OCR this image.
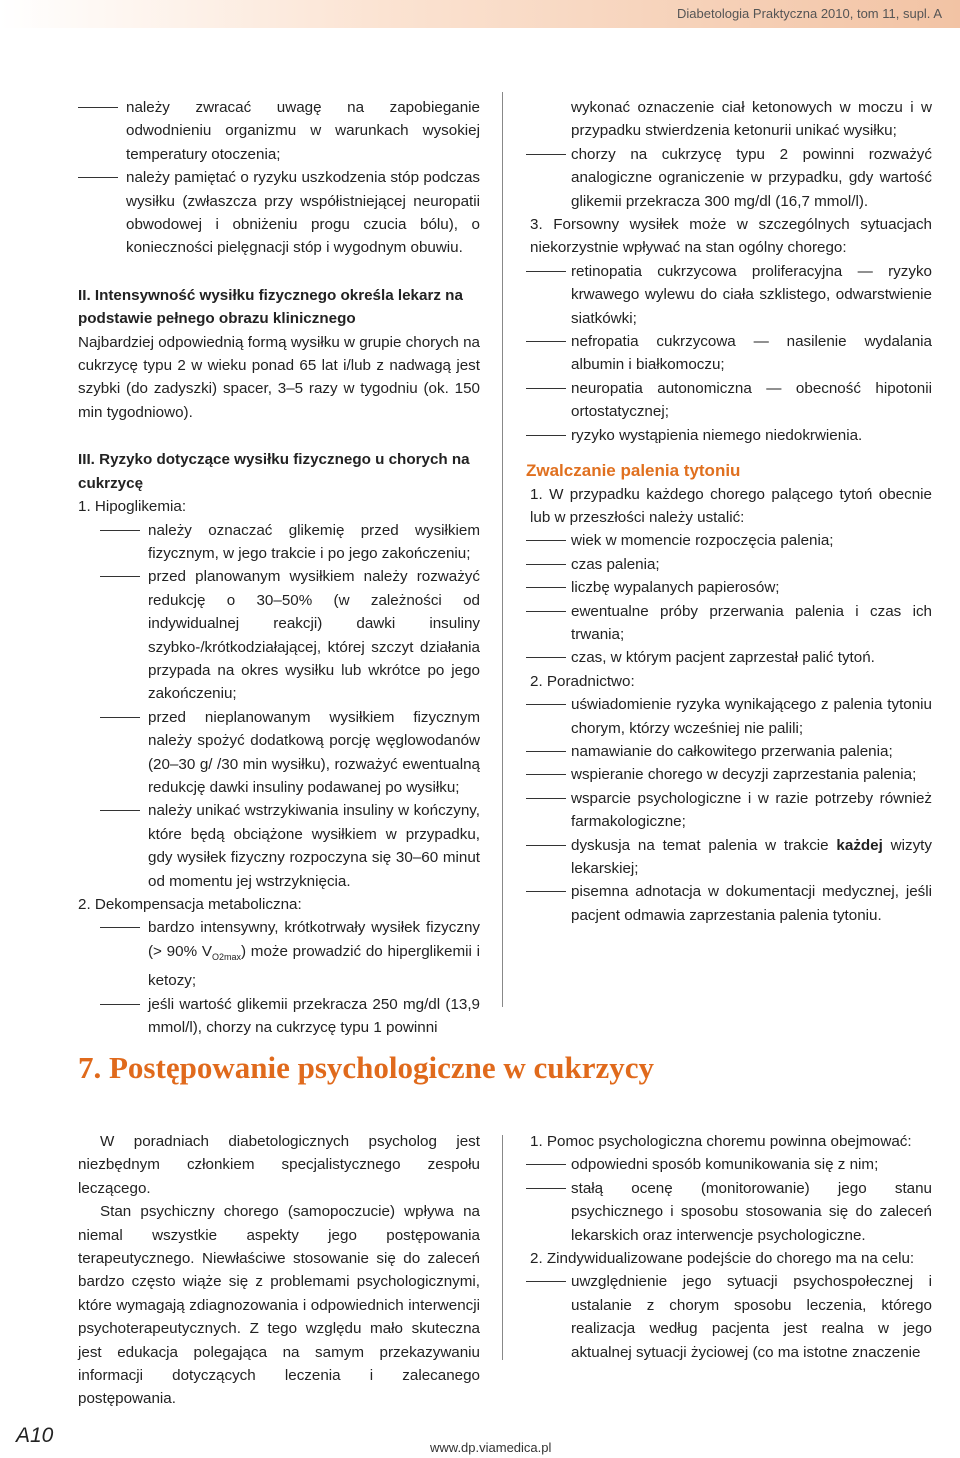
Diabetologia Praktyczna 2010, tom 11, supl. A

należy zwracać uwagę na zapobieganie odwodnieniu organizmu w warunkach wysokiej temperatury otoczenia;

należy pamiętać o ryzyku uszkodzenia stóp podczas wysiłku (zwłaszcza przy współistniejącej neuropatii obwodowej i obniżeniu progu czucia bólu), o konieczności pielęgnacji stóp i wygodnym obuwiu.

II. Intensywność wysiłku fizycznego określa lekarz na podstawie pełnego obrazu klinicznego

Najbardziej odpowiednią formą wysiłku w grupie chorych na cukrzycę typu 2 w wieku ponad 65 lat i/lub z nadwagą jest szybki (do zadyszki) spacer, 3–5 razy w tygodniu (ok. 150 min tygodniowo).

III. Ryzyko dotyczące wysiłku fizycznego u chorych na cukrzycę

1. Hipoglikemia:

należy oznaczać glikemię przed wysiłkiem fizycznym, w jego trakcie i po jego zakończeniu;

przed planowanym wysiłkiem należy rozważyć redukcję o 30–50% (w zależności od indywidualnej reakcji) dawki insuliny szybko-/krótkodziałającej, której szczyt działania przypada na okres wysiłku lub wkrótce po jego zakończeniu;

przed nieplanowanym wysiłkiem fizycznym należy spożyć dodatkową porcję węglowodanów (20–30 g/ /30 min wysiłku), rozważyć ewentualną redukcję dawki insuliny podawanej po wysiłku;

należy unikać wstrzykiwania insuliny w kończyny, które będą obciążone wysiłkiem w przypadku, gdy wysiłek fizyczny rozpoczyna się 30–60 minut od momentu jej wstrzyknięcia.

2. Dekompensacja metaboliczna:

bardzo intensywny, krótkotrwały wysiłek fizyczny (> 90% $V_{O2max}$) może prowadzić do hiperglikemii i ketozy;

jeśli wartość glikemii przekracza 250 mg/dl (13,9 mmol/l), chorzy na cukrzycę typu 1 powinni

wykonać oznaczenie ciał ketonowych w moczu i w przypadku stwierdzenia ketonurii unikać wysiłku;

chorzy na cukrzycę typu 2 powinni rozważyć analogiczne ograniczenie w przypadku, gdy wartość glikemii przekracza 300 mg/dl (16,7 mmol/l).

3. Forsowny wysiłek może w szczególnych sytuacjach niekorzystnie wpływać na stan ogólny chorego:

retinopatia cukrzycowa proliferacyjna — ryzyko krwawego wylewu do ciała szklistego, odwarstwienie siatkówki;

nefropatia cukrzycowa — nasilenie wydalania albumin i białkomoczu;

neuropatia autonomiczna — obecność hipotonii ortostatycznej;

ryzyko wystąpienia niemego niedokrwienia.

Zwalczanie palenia tytoniu

1. W przypadku każdego chorego palącego tytoń obecnie lub w przeszłości należy ustalić:

wiek w momencie rozpoczęcia palenia;

czas palenia;

liczbę wypalanych papierosów;

ewentualne próby przerwania palenia i czas ich trwania;

czas, w którym pacjent zaprzestał palić tytoń.

2. Poradnictwo:

uświadomienie ryzyka wynikającego z palenia tytoniu chorym, którzy wcześniej nie palili;

namawianie do całkowitego przerwania palenia;

wspieranie chorego w decyzji zaprzestania palenia;

wsparcie psychologiczne i w razie potrzeby również farmakologiczne;

dyskusja na temat palenia w trakcie każdej wizyty lekarskiej;

pisemna adnotacja w dokumentacji medycznej, jeśli pacjent odmawia zaprzestania palenia tytoniu.

7. Postępowanie psychologiczne w cukrzycy

W poradniach diabetologicznych psycholog jest niezbędnym członkiem specjalistycznego zespołu leczącego.

Stan psychiczny chorego (samopoczucie) wpływa na niemal wszystkie aspekty jego postępowania terapeutycznego. Niewłaściwe stosowanie się do zaleceń bardzo często wiąże się z problemami psychologicznymi, które wymagają zdiagnozowania i odpowiednich interwencji psychoterapeutycznych. Z tego względu mało skuteczna jest edukacja polegająca na samym przekazywaniu informacji dotyczących leczenia i zalecanego postępowania.

1. Pomoc psychologiczna choremu powinna obejmować:

odpowiedni sposób komunikowania się z nim;

stałą ocenę (monitorowanie) jego stanu psychicznego i sposobu stosowania się do zaleceń lekarskich oraz interwencje psychologiczne.

2. Zindywidualizowane podejście do chorego ma na celu:

uwzględnienie jego sytuacji psychospołecznej i ustalanie z chorym sposobu leczenia, którego realizacja według pacjenta jest realna w jego aktualnej sytuacji życiowej (co ma istotne znaczenie

A10
www.dp.viamedica.pl
